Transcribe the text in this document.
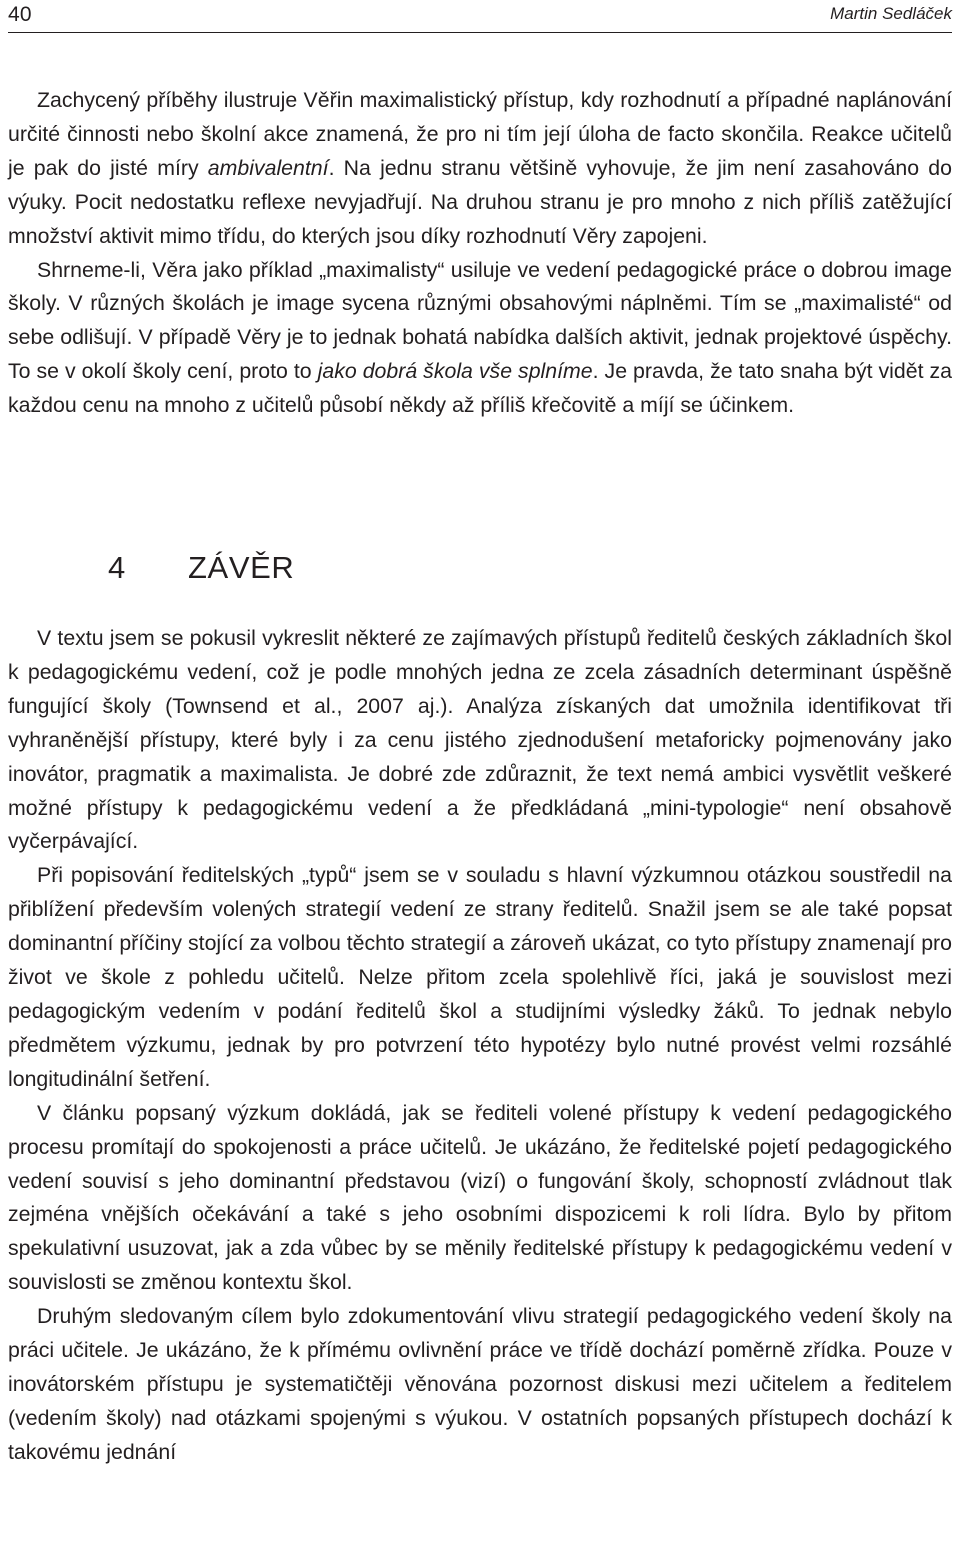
40	Martin Sedláček

Zachycený příběhy ilustruje Věřin maximalistický přístup, kdy rozhodnutí a případné naplánování určité činnosti nebo školní akce znamená, že pro ni tím její úloha de facto skončila. Reakce učitelů je pak do jisté míry ambivalentní. Na jednu stranu většině vyhovuje, že jim není zasahováno do výuky. Pocit nedostatku reflexe nevyjadřují. Na druhou stranu je pro mnoho z nich příliš zatěžující množství aktivit mimo třídu, do kterých jsou díky rozhodnutí Věry zapojeni.

Shrneme-li, Věra jako příklad „maximalisty“ usiluje ve vedení pedagogické práce o dobrou image školy. V různých školách je image sycena různými obsahovými náplněmi. Tím se „maximalisté“ od sebe odlišují. V případě Věry je to jednak bohatá nabídka dalších aktivit, jednak projektové úspěchy. To se v okolí školy cení, proto to jako dobrá škola vše splníme. Je pravda, že tato snaha být vidět za každou cenu na mnoho z učitelů působí někdy až příliš křečovitě a míjí se účinkem.

4 ZÁVĚR

V textu jsem se pokusil vykreslit některé ze zajímavých přístupů ředitelů českých základních škol k pedagogickému vedení, což je podle mnohých jedna ze zcela zásadních determinant úspěšně fungující školy (Townsend et al., 2007 aj.). Analýza získaných dat umožnila identifikovat tři vyhraněnější přístupy, které byly i za cenu jistého zjednodušení metaforicky pojmenovány jako inovátor, pragmatik a maximalista. Je dobré zde zdůraznit, že text nemá ambici vysvětlit veškeré možné přístupy k pedagogickému vedení a že předkládaná „mini-typologie“ není obsahově vyčerpávající.

Při popisování ředitelských „typů“ jsem se v souladu s hlavní výzkumnou otázkou soustředil na přiblížení především volených strategií vedení ze strany ředitelů. Snažil jsem se ale také popsat dominantní příčiny stojící za volbou těchto strategií a zároveň ukázat, co tyto přístupy znamenají pro život ve škole z pohledu učitelů. Nelze přitom zcela spolehlivě říci, jaká je souvislost mezi pedagogickým vedením v podání ředitelů škol a studijními výsledky žáků. To jednak nebylo předmětem výzkumu, jednak by pro potvrzení této hypotézy bylo nutné provést velmi rozsáhlé longitudinální šetření.

V článku popsaný výzkum dokládá, jak se řediteli volené přístupy k vedení pedagogického procesu promítají do spokojenosti a práce učitelů. Je ukázáno, že ředitelské pojetí pedagogického vedení souvisí s jeho dominantní představou (vizí) o fungování školy, schopností zvládnout tlak zejména vnějších očekávání a také s jeho osobními dispozicemi k roli lídra. Bylo by přitom spekulativní usuzovat, jak a zda vůbec by se měnily ředitelské přístupy k pedagogickému vedení v souvislosti se změnou kontextu škol.

Druhým sledovaným cílem bylo zdokumentování vlivu strategií pedagogického vedení školy na práci učitele. Je ukázáno, že k přímému ovlivnění práce ve třídě dochází poměrně zřídka. Pouze v inovátorském přístupu je systematičtěji věnována pozornost diskusi mezi učitelem a ředitelem (vedením školy) nad otázkami spojenými s výukou. V ostatních popsaných přístupech dochází k takovému jednání
